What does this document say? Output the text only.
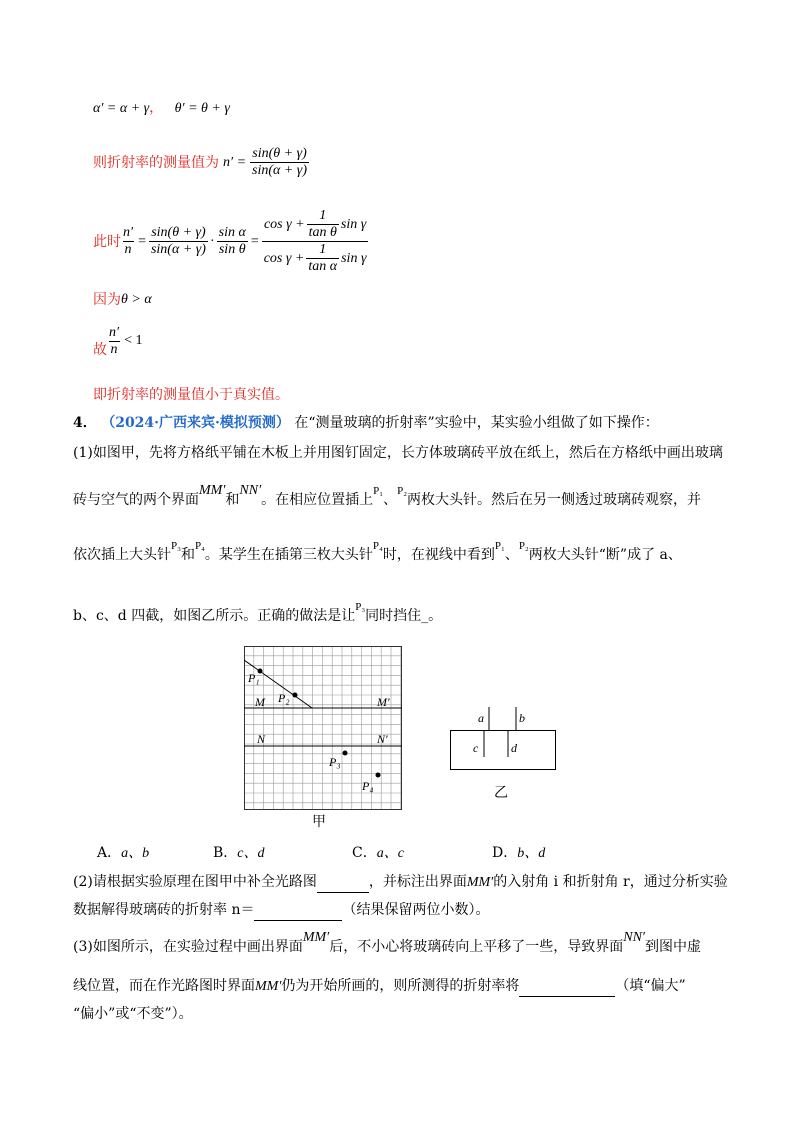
α′ = α + γ， θ′ = θ + γ
则折射率的测量值为 $n' = \frac{\sin(\theta + \gamma)}{\sin(\alpha + \gamma)}$
此时 $\frac{n'}{n} = \frac{\sin(\theta + \gamma)}{\sin(\alpha + \gamma)} \cdot \frac{\text{sin α}}{\text{sin θ}} = \frac{\cos \gamma + \frac{1}{\text{tan θ}} \sin \gamma}{\cos \gamma + \frac{1}{\text{tan α}} \sin \gamma}$
因为 θ > α
故 $\frac{n'}{n} < 1$
即折射率的测量值小于真实值。
4． （2024·广西来宾·模拟预测） 在“测量玻璃的折射率”实验中，某实验小组做了如下操作：
(1)如图甲，先将方格纸平铺在木板上并用图钉固定，长方体玻璃砖平放在纸上，然后在方格纸中画出玻璃
砖与空气的两个界面MM′和NN′。在相应位置插上$^{P_1}$、$^{P_2}$两枚大头针。然后在另一侧透过玻璃砖观察，并
依次插上大头针$^{P_3}$和$^{P_4}$。某学生在插第三枚大头针$^{P_4}$时，在视线中看到$^{P_1}$、$^{P_2}$两枚大头针“断”成了 a、
b、c、d 四截，如图乙所示。正确的做法是让$^{P_3}$同时挡住_。
P₁
P₂
M	M′
N	N′
P₃
P₄
甲
a	b
c	d
乙
A．a、b	B．c、d	C．a、c	D．b、d
(2)请根据实验原理在图甲中补全光路图	，并标注出界面MM′的入射角 i 和折射角 r，通过分析实验
数据解得玻璃砖的折射率 n＝	（结果保留两位小数）。
(3)如图所示，在实验过程中画出界面MM′后，不小心将玻璃砖向上平移了一些，导致界面NN′到图中虚
线位置，而在作光路图时界面MM′仍为开始所画的，则所测得的折射率将	（填“偏大”
“偏小”或“不变”）。
